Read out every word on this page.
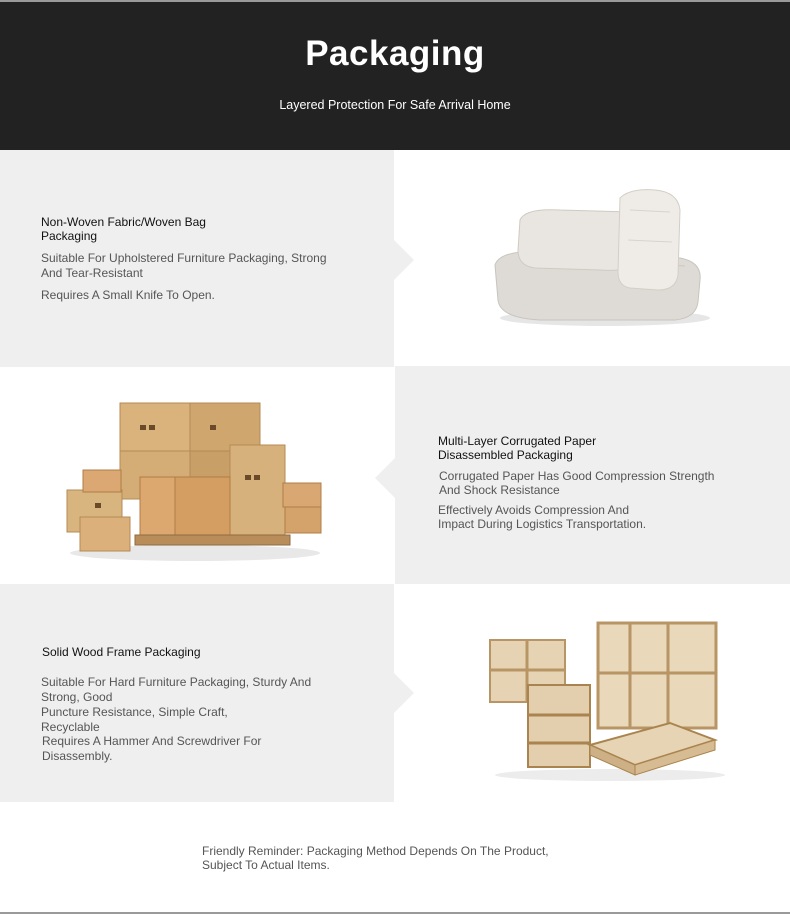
Packaging

Layered Protection For Safe Arrival Home

Non-Woven Fabric/Woven Bag
Packaging
Suitable For Upholstered Furniture Packaging, Strong
And Tear-Resistant
Requires A Small Knife To Open.
Multi-Layer Corrugated Paper
Disassembled Packaging
Corrugated Paper Has Good Compression Strength
And Shock Resistance
Effectively Avoids Compression And
Impact During Logistics Transportation.
Solid Wood Frame Packaging
Suitable For Hard Furniture Packaging, Sturdy And
Strong, Good
Puncture Resistance, Simple Craft,
Recyclable
Requires A Hammer And Screwdriver For
Disassembly.
Friendly Reminder: Packaging Method Depends On The Product,
Subject To Actual Items.
